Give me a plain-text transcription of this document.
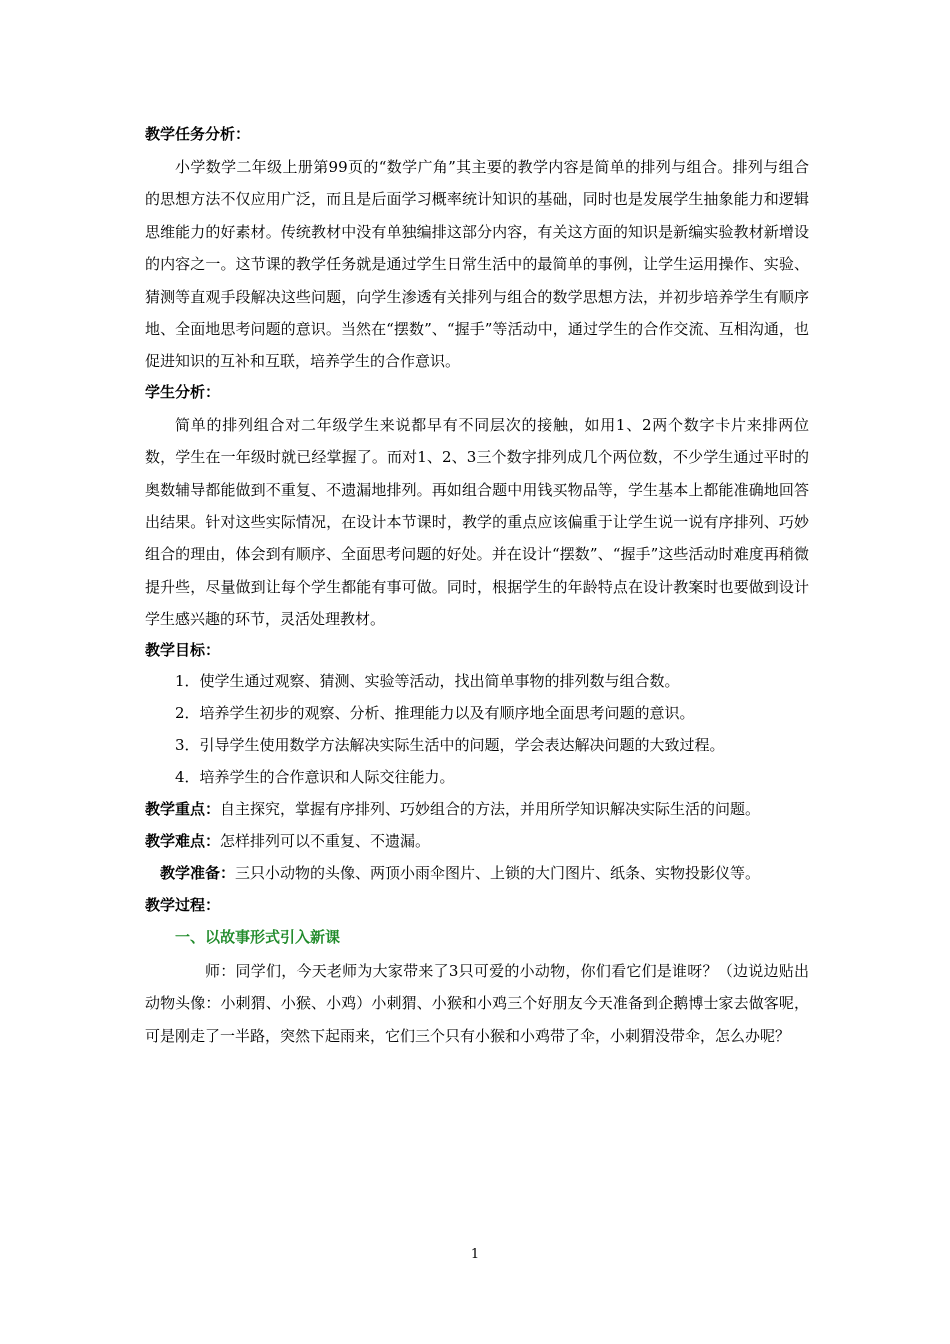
教学任务分析：

小学数学二年级上册第99页的“数学广角”其主要的教学内容是简单的排列与组合。排列与组合的思想方法不仅应用广泛，而且是后面学习概率统计知识的基础，同时也是发展学生抽象能力和逻辑思维能力的好素材。传统教材中没有单独编排这部分内容，有关这方面的知识是新编实验教材新增设的内容之一。这节课的教学任务就是通过学生日常生活中的最简单的事例，让学生运用操作、实验、猜测等直观手段解决这些问题，向学生渗透有关排列与组合的数学思想方法，并初步培养学生有顺序地、全面地思考问题的意识。当然在“摆数”、“握手”等活动中，通过学生的合作交流、互相沟通，也促进知识的互补和互联，培养学生的合作意识。

学生分析：

简单的排列组合对二年级学生来说都早有不同层次的接触，如用1、2两个数字卡片来排两位数，学生在一年级时就已经掌握了。而对1、2、3三个数字排列成几个两位数，不少学生通过平时的奥数辅导都能做到不重复、不遗漏地排列。再如组合题中用钱买物品等，学生基本上都能准确地回答出结果。针对这些实际情况，在设计本节课时，教学的重点应该偏重于让学生说一说有序排列、巧妙组合的理由，体会到有顺序、全面思考问题的好处。并在设计“摆数”、“握手”这些活动时难度再稍微提升些，尽量做到让每个学生都能有事可做。同时，根据学生的年龄特点在设计教案时也要做到设计学生感兴趣的环节，灵活处理教材。

教学目标：

1．使学生通过观察、猜测、实验等活动，找出简单事物的排列数与组合数。

2．培养学生初步的观察、分析、推理能力以及有顺序地全面思考问题的意识。

3．引导学生使用数学方法解决实际生活中的问题，学会表达解决问题的大致过程。

4．培养学生的合作意识和人际交往能力。

教学重点：自主探究，掌握有序排列、巧妙组合的方法，并用所学知识解决实际生活的问题。

教学难点：怎样排列可以不重复、不遗漏。

教学准备：三只小动物的头像、两顶小雨伞图片、上锁的大门图片、纸条、实物投影仪等。

教学过程：

一、以故事形式引入新课

师：同学们，今天老师为大家带来了3只可爱的小动物，你们看它们是谁呀？（边说边贴出动物头像：小刺猬、小猴、小鸡）小刺猬、小猴和小鸡三个好朋友今天准备到企鹅博士家去做客呢，可是刚走了一半路，突然下起雨来，它们三个只有小猴和小鸡带了伞，小刺猬没带伞，怎么办呢？

1
